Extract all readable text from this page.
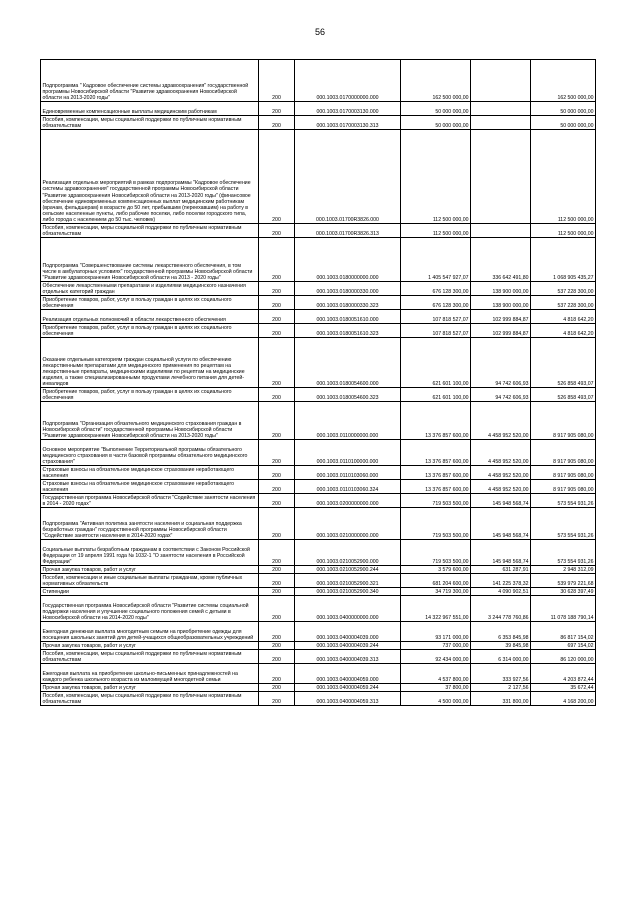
56
Подпрограмма " Кадровое обеспечение системы здравоохранения" государственной программы Новосибирской области "Развитие здравоохранения Новосибирской области на 2013-2020 годы"	200	000.1003.0170000000.000	162 500 000,00		162 500 000,00
Единовременные компенсационные выплаты медицинским работникам	200	000.1003.0170003130.000	50 000 000,00		50 000 000,00
Пособия, компенсации, меры социальной поддержки по публичным нормативным обязательствам	200	000.1003.0170003130.313	50 000 000,00		50 000 000,00
Реализация отдельных мероприятий в рамках подпрограммы "Кадровое обеспечение системы здравоохранения" государственной программы Новосибирской области "Развитие здравоохранения Новосибирской области на 2013-2020 годы" (финансовое обеспечение единовременных компенсационных выплат медицинским работникам (врачам, фельдшерам) в возрасте до 50 лет, прибывшим (переехавшим) на работу в сельские населенные пункты, либо рабочие поселки, либо поселки городского типа, либо города с населением до 50 тыс. человек)	200	000.1003.01700R3826.000	112 500 000,00		112 500 000,00
Пособия, компенсации, меры социальной поддержки по публичным нормативным обязательствам	200	000.1003.01700R3826.313	112 500 000,00		112 500 000,00
Подпрограмма "Совершенствование системы лекарственного обеспечения, в том числе в амбулаторных условиях" государственной программы Новосибирской области "Развитие здравоохранения Новосибирской области на 2013 - 2020 годы"	200	000.1003.0180000000.000	1 405 547 927,07	336 642 491,80	1 068 905 435,27
Обеспечение лекарственными препаратами и изделиями медицинского назначения отдельных категорий граждан	200	000.1003.0180000330.000	676 128 300,00	138 900 000,00	537 228 300,00
Приобретение товаров, работ, услуг в пользу граждан в целях их социального обеспечения	200	000.1003.0180000330.323	676 128 300,00	138 900 000,00	537 228 300,00
Реализация отдельных полномочий в области лекарственного обеспечения	200	000.1003.0180051610.000	107 818 527,07	102 999 884,87	4 818 642,20
Приобретение товаров, работ, услуг в пользу граждан в целях их социального обеспечения	200	000.1003.0180051610.323	107 818 527,07	102 999 884,87	4 818 642,20
Оказание отдельным категориям граждан социальной услуги по обеспечению лекарственными препаратами для медицинского применения по рецептам на лекарственные препараты, медицинскими изделиями по рецептам на медицинские изделия, а также специализированными продуктами лечебного питания для детей-инвалидов	200	000.1003.0180054600.000	621 601 100,00	94 742 606,93	526 858 493,07
Приобретение товаров, работ, услуг в пользу граждан в целях их социального обеспечения	200	000.1003.0180054600.323	621 601 100,00	94 742 606,93	526 858 493,07
Подпрограмма "Организация обязательного медицинского страхования граждан в Новосибирской области" государственной программы Новосибирской области "Развитие здравоохранения Новосибирской области на 2013-2020 годы"	200	000.1003.0110000000.000	13 376 857 600,00	4 458 952 520,00	8 917 905 080,00
Основное мероприятие "Выполнение Территориальной программы обязательного медицинского страхования в части базовой программы обязательного медицинского страхования"	200	000.1003.0110100000.000	13 376 857 600,00	4 458 952 520,00	8 917 905 080,00
Страховые взносы на обязательное медицинское страхование неработающего населения	200	000.1003.0110103060.000	13 376 857 600,00	4 458 952 520,00	8 917 905 080,00
Страховые взносы на обязательное медицинское страхование неработающего населения	200	000.1003.0110103060.324	13 376 857 600,00	4 458 952 520,00	8 917 905 080,00
Государственная программа Новосибирской области "Содействие занятости населения в 2014 - 2020 годах"	200	000.1003.0200000000.000	719 503 500,00	145 948 568,74	573 554 931,26
Подпрограмма "Активная политика занятости населения и социальная поддержка безработных граждан" государственной программы Новосибирской области "Содействие занятости населения в 2014-2020 годах"	200	000.1003.0210000000.000	719 503 500,00	145 948 568,74	573 554 931,26
Социальные выплаты безработным гражданам в соответствии с Законом Российской Федерации от 19 апреля 1991 года № 1032-1 "О занятости населения в Российской Федерации"	200	000.1003.0210052900.000	719 503 500,00	145 948 568,74	573 554 931,26
Прочая закупка товаров, работ и услуг	200	000.1003.0210052900.244	3 579 600,00	631 287,91	2 948 312,09
Пособия, компенсации и иные социальные выплаты гражданам, кроме публичных нормативных обязательств	200	000.1003.0210052900.321	681 204 600,00	141 225 378,32	539 979 221,68
Стипендии	200	000.1003.0210052900.340	34 719 300,00	4 090 902,51	30 628 397,49
Государственная программа Новосибирской области "Развитие системы социальной поддержки населения и улучшение социального положения семей с детьми в Новосибирской области на 2014-2020 годы"	200	000.1003.0400000000.000	14 322 967 551,00	3 244 778 760,86	11 078 188 790,14
Ежегодная денежная выплата многодетным семьям на приобретение одежды для посещения школьных занятий для детей-учащихся общеобразовательных учреждений	200	000.1003.0400004039.000	93 171 000,00	6 353 845,98	86 817 154,02
Прочая закупка товаров, работ и услуг	200	000.1003.0400004039.244	737 000,00	39 845,98	697 154,02
Пособия, компенсации, меры социальной поддержки по публичным нормативным обязательствам	200	000.1003.0400004039.313	92 434 000,00	6 314 000,00	86 120 000,00
Ежегодная выплата на приобретение школьно-письменных принадлежностей на каждого ребенка школьного возраста из малоимущей многодетной семьи	200	000.1003.0400004059.000	4 537 800,00	333 927,56	4 203 872,44
Прочая закупка товаров, работ и услуг	200	000.1003.0400004059.244	37 800,00	2 127,56	35 672,44
Пособия, компенсации, меры социальной поддержки по публичным нормативным обязательствам	200	000.1003.0400004059.313	4 500 000,00	331 800,00	4 168 200,00
